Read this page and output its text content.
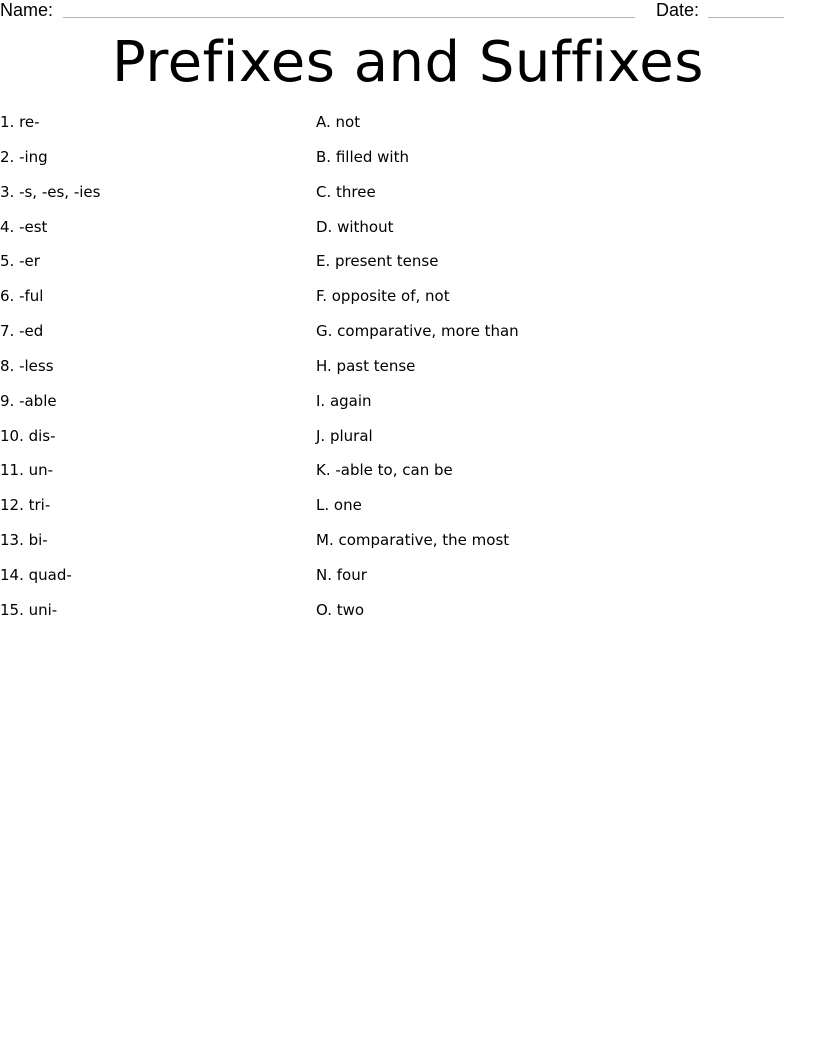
Name:	Date:
Prefixes and Suffixes
1. re-
2. -ing
3. -s, -es, -ies
4. -est
5. -er
6. -ful
7. -ed
8. -less
9. -able
10. dis-
11. un-
12. tri-
13. bi-
14. quad-
15. uni-
A. not
B. filled with
C. three
D. without
E. present tense
F. opposite of, not
G. comparative, more than
H. past tense
I. again
J. plural
K. -able to, can be
L. one
M. comparative, the most
N. four
O. two
